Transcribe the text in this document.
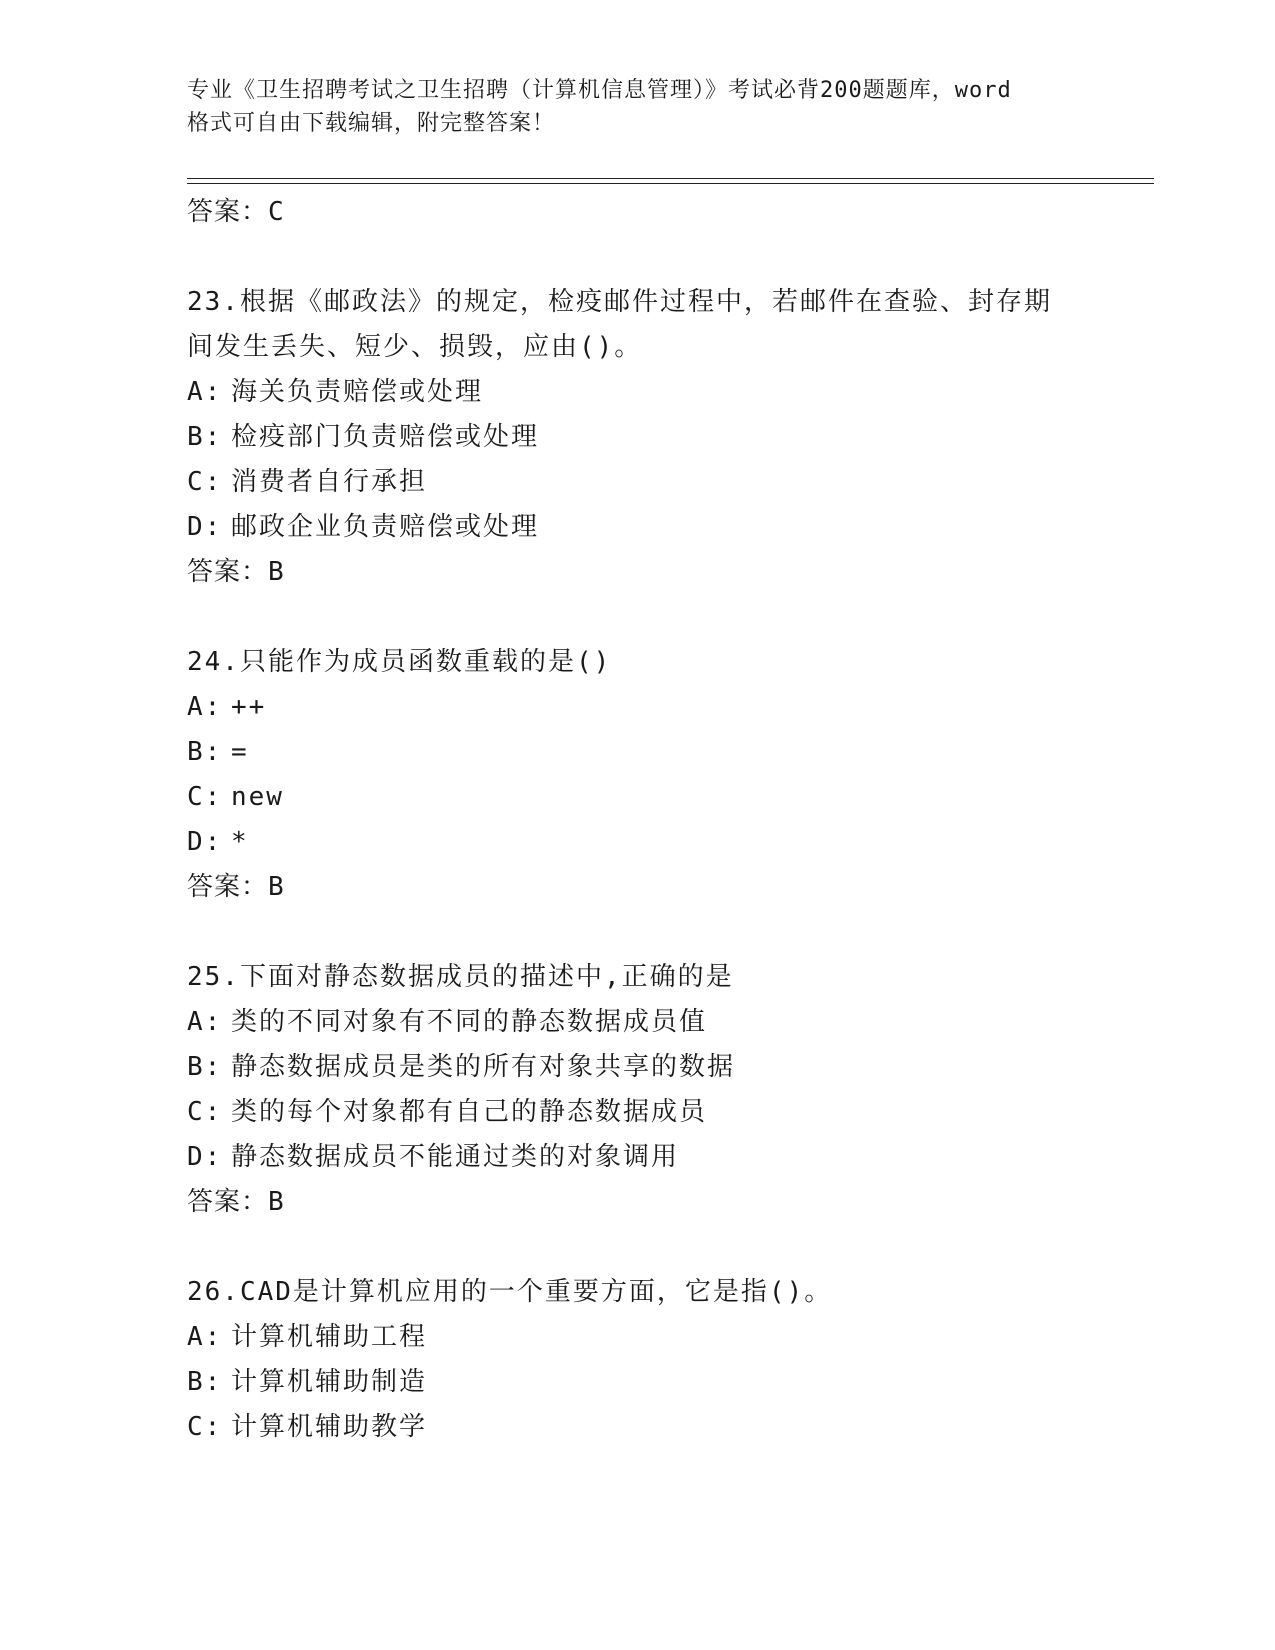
专业《卫生招聘考试之卫生招聘（计算机信息管理）》考试必背200题题库，word
格式可自由下载编辑，附完整答案！
答案：C
23.根据《邮政法》的规定，检疫邮件过程中，若邮件在查验、封存期
间发生丢失、短少、损毁，应由()。
A: 海关负责赔偿或处理
B: 检疫部门负责赔偿或处理
C: 消费者自行承担
D: 邮政企业负责赔偿或处理
答案：B
24.只能作为成员函数重载的是()
A: ++
B: =
C: new
D: *
答案：B
25.下面对静态数据成员的描述中,正确的是
A: 类的不同对象有不同的静态数据成员值
B: 静态数据成员是类的所有对象共享的数据
C: 类的每个对象都有自己的静态数据成员
D: 静态数据成员不能通过类的对象调用
答案：B
26.CAD是计算机应用的一个重要方面，它是指()。
A: 计算机辅助工程
B: 计算机辅助制造
C: 计算机辅助教学
